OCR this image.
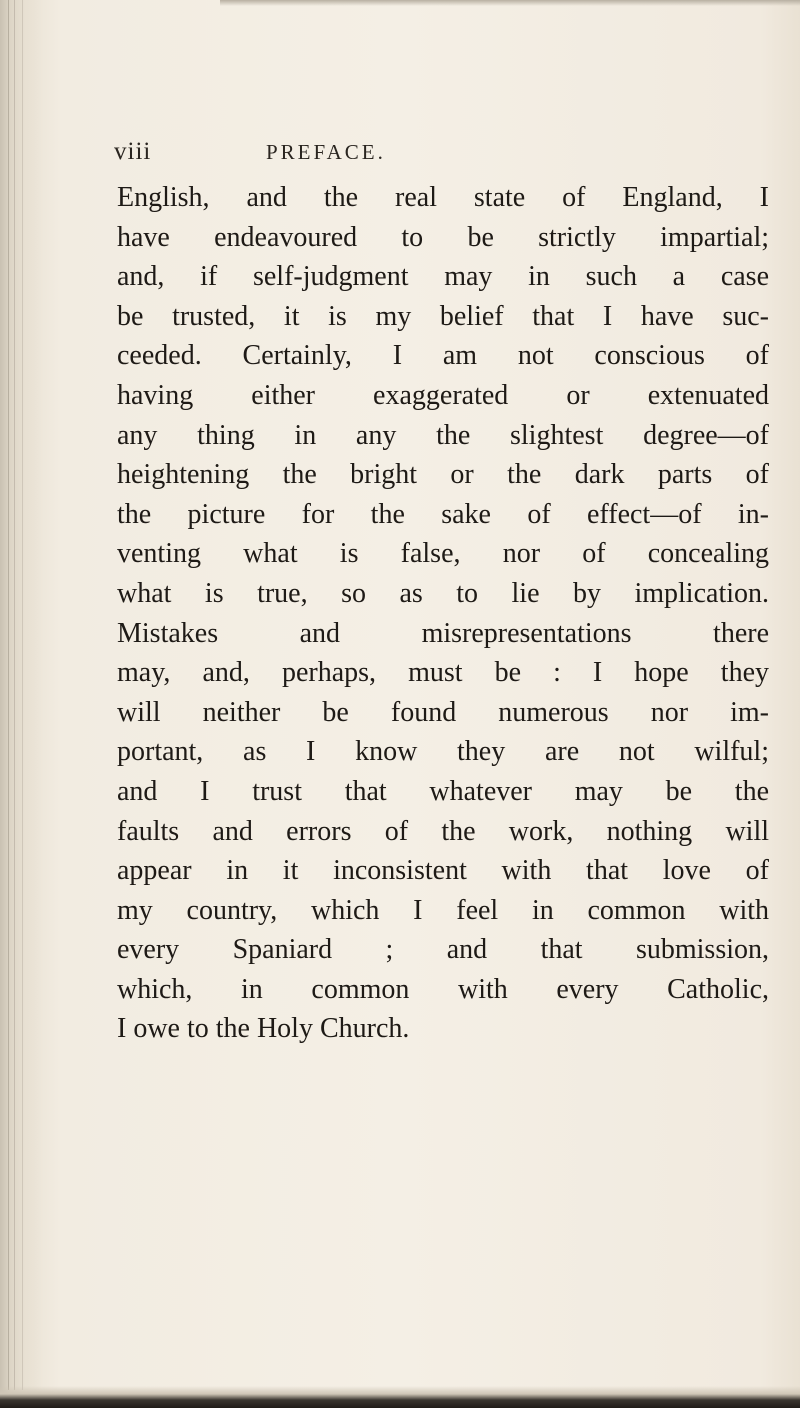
viii	PREFACE.
English, and the real state of England, I
have endeavoured to be strictly impartial;
and, if self-judgment may in such a case
be trusted, it is my belief that I have suc-
ceeded. Certainly, I am not conscious of
having either exaggerated or extenuated
any thing in any the slightest degree—of
heightening the bright or the dark parts of
the picture for the sake of effect—of in-
venting what is false, nor of concealing
what is true, so as to lie by implication.
Mistakes and misrepresentations there
may, and, perhaps, must be : I hope they
will neither be found numerous nor im-
portant, as I know they are not wilful;
and I trust that whatever may be the
faults and errors of the work, nothing will
appear in it inconsistent with that love of
my country, which I feel in common with
every Spaniard ; and that submission,
which, in common with every Catholic,
I owe to the Holy Church.
